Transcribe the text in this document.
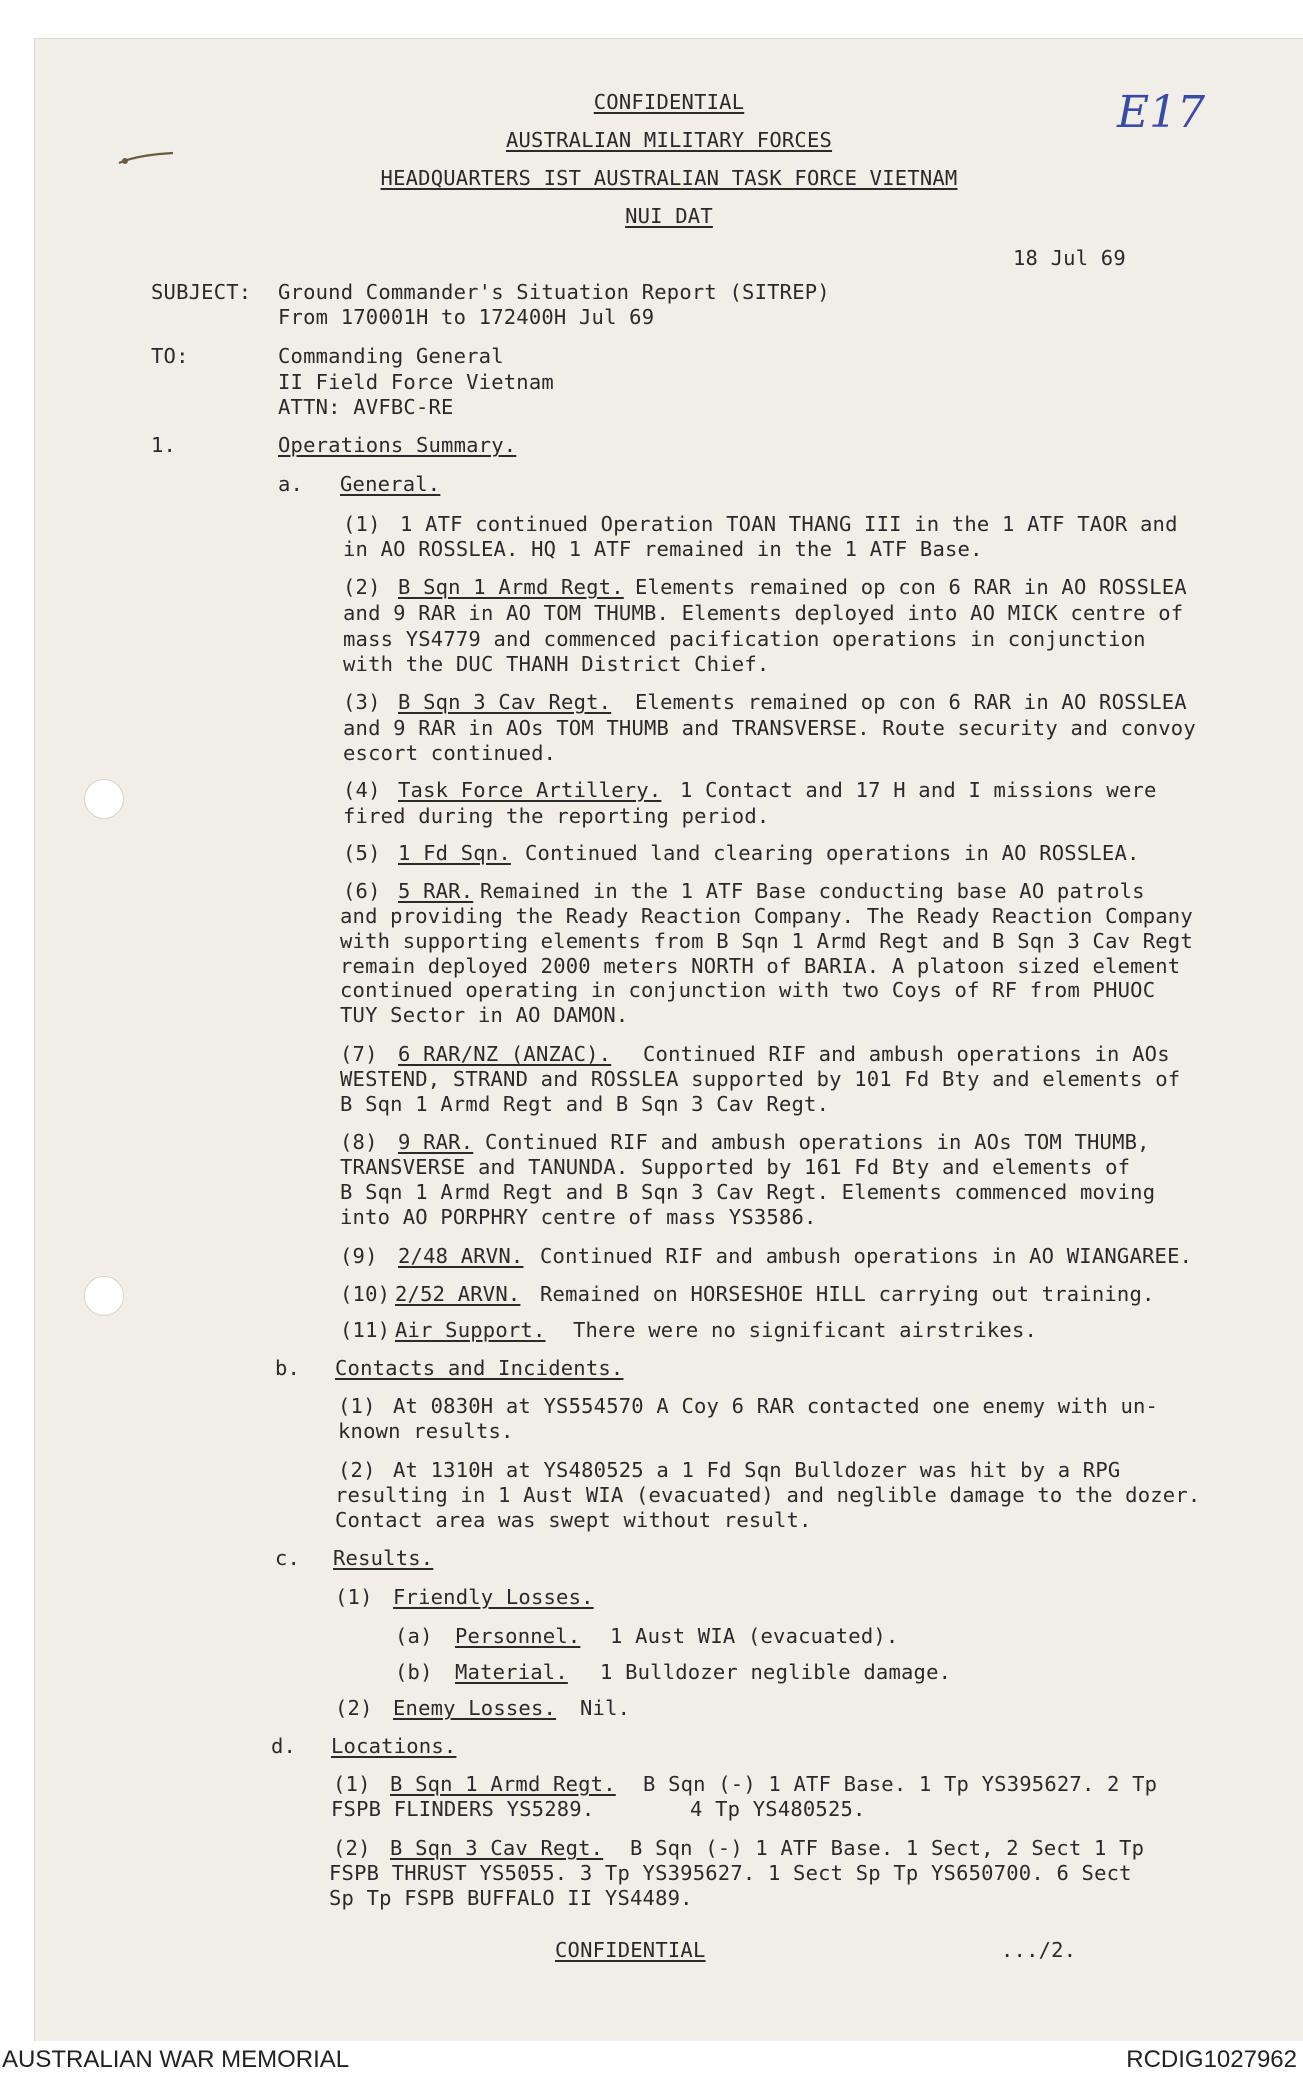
E17
CONFIDENTIAL
AUSTRALIAN MILITARY FORCES
HEADQUARTERS IST AUSTRALIAN TASK FORCE VIETNAM
NUI DAT
18 Jul 69
SUBJECT: Ground Commander's Situation Report (SITREP)
From 170001H to 172400H Jul 69
TO:	Commanding General
II Field Force Vietnam
ATTN: AVFBC-RE
1.	Operations Summary.
a. General.
(1) 1 ATF continued Operation TOAN THANG III in the 1 ATF TAOR and
in AO ROSSLEA. HQ 1 ATF remained in the 1 ATF Base.
(2) B Sqn 1 Armd Regt. Elements remained op con 6 RAR in AO ROSSLEA
and 9 RAR in AO TOM THUMB. Elements deployed into AO MICK centre of
mass YS4779 and commenced pacification operations in conjunction
with the DUC THANH District Chief.
(3) B Sqn 3 Cav Regt. Elements remained op con 6 RAR in AO ROSSLEA
and 9 RAR in AOs TOM THUMB and TRANSVERSE. Route security and convoy
escort continued.
(4) Task Force Artillery. 1 Contact and 17 H and I missions were
fired during the reporting period.
(5) 1 Fd Sqn. Continued land clearing operations in AO ROSSLEA.
(6) 5 RAR. Remained in the 1 ATF Base conducting base AO patrols
and providing the Ready Reaction Company. The Ready Reaction Company
with supporting elements from B Sqn 1 Armd Regt and B Sqn 3 Cav Regt
remain deployed 2000 meters NORTH of BARIA. A platoon sized element
continued operating in conjunction with two Coys of RF from PHUOC
TUY Sector in AO DAMON.
(7) 6 RAR/NZ (ANZAC). Continued RIF and ambush operations in AOs
WESTEND, STRAND and ROSSLEA supported by 101 Fd Bty and elements of
B Sqn 1 Armd Regt and B Sqn 3 Cav Regt.
(8) 9 RAR. Continued RIF and ambush operations in AOs TOM THUMB,
TRANSVERSE and TANUNDA. Supported by 161 Fd Bty and elements of
B Sqn 1 Armd Regt and B Sqn 3 Cav Regt. Elements commenced moving
into AO PORPHRY centre of mass YS3586.
(9) 2/48 ARVN. Continued RIF and ambush operations in AO WIANGAREE.
(10) 2/52 ARVN. Remained on HORSESHOE HILL carrying out training.
(11) Air Support. There were no significant airstrikes.
b. Contacts and Incidents.
(1) At 0830H at YS554570 A Coy 6 RAR contacted one enemy with un-
known results.
(2) At 1310H at YS480525 a 1 Fd Sqn Bulldozer was hit by a RPG
resulting in 1 Aust WIA (evacuated) and neglible damage to the dozer.
Contact area was swept without result.
c. Results.
(1) Friendly Losses.
(a) Personnel. 1 Aust WIA (evacuated).
(b) Material. 1 Bulldozer neglible damage.
(2) Enemy Losses. Nil.
d. Locations.
(1) B Sqn 1 Armd Regt. B Sqn (-) 1 ATF Base. 1 Tp YS395627. 2 Tp
FSPB FLINDERS YS5289.	4 Tp YS480525.
(2) B Sqn 3 Cav Regt. B Sqn (-) 1 ATF Base. 1 Sect, 2 Sect 1 Tp
FSPB THRUST YS5055. 3 Tp YS395627. 1 Sect Sp Tp YS650700. 6 Sect
Sp Tp FSPB BUFFALO II YS4489.
CONFIDENTIAL	.../2.
AUSTRALIAN WAR MEMORIAL	RCDIG1027962
